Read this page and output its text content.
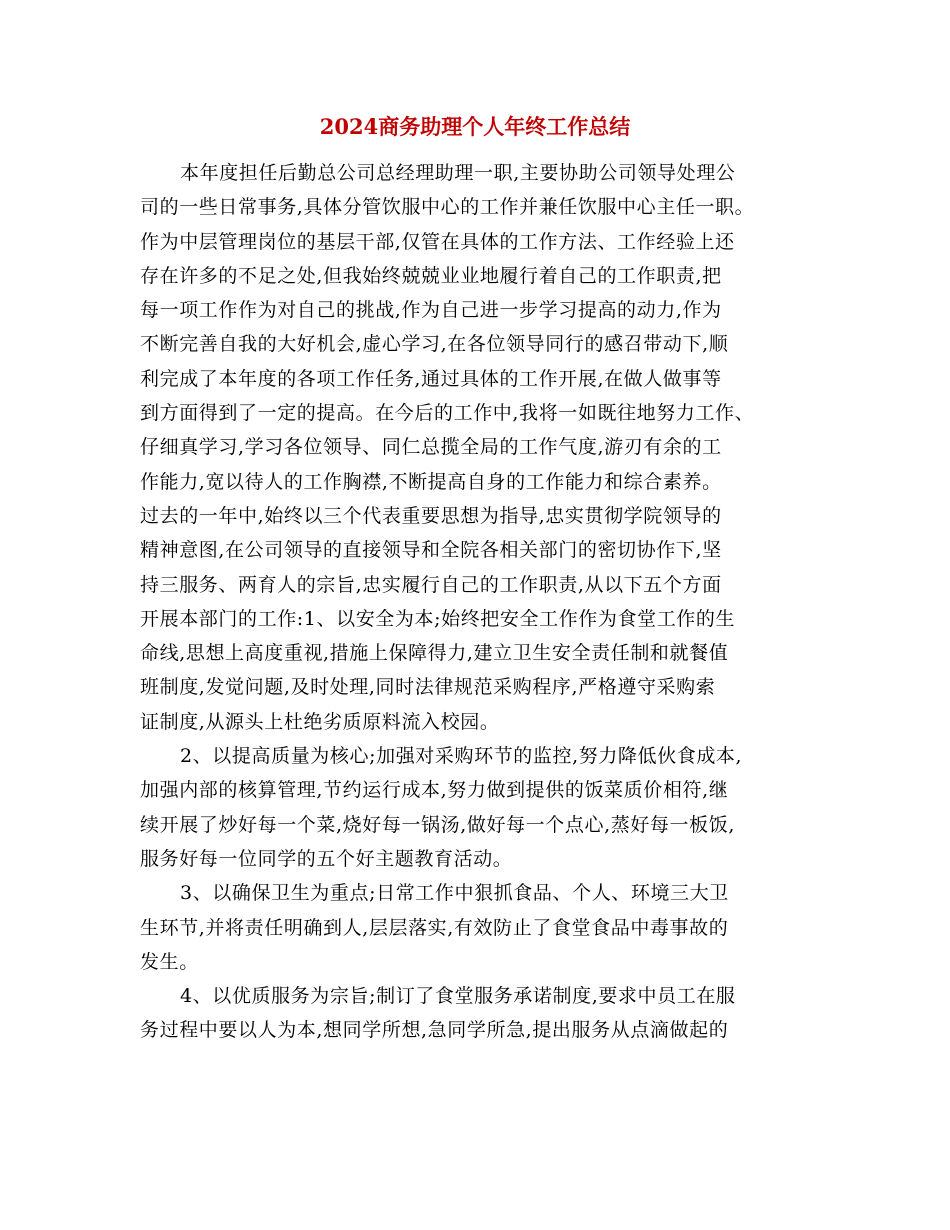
2024商务助理个人年终工作总结

本年度担任后勤总公司总经理助理一职,主要协助公司领导处理公

司的一些日常事务,具体分管饮服中心的工作并兼任饮服中心主任一职。

作为中层管理岗位的基层干部,仅管在具体的工作方法、工作经验上还

存在许多的不足之处,但我始终兢兢业业地履行着自己的工作职责,把

每一项工作作为对自己的挑战,作为自己进一步学习提高的动力,作为

不断完善自我的大好机会,虚心学习,在各位领导同行的感召带动下,顺

利完成了本年度的各项工作任务,通过具体的工作开展,在做人做事等

到方面得到了一定的提高。在今后的工作中,我将一如既往地努力工作、

仔细真学习,学习各位领导、同仁总揽全局的工作气度,游刃有余的工

作能力,宽以待人的工作胸襟,不断提高自身的工作能力和综合素养。

过去的一年中,始终以三个代表重要思想为指导,忠实贯彻学院领导的

精神意图,在公司领导的直接领导和全院各相关部门的密切协作下,坚

持三服务、两育人的宗旨,忠实履行自己的工作职责,从以下五个方面

开展本部门的工作:1、以安全为本;始终把安全工作作为食堂工作的生

命线,思想上高度重视,措施上保障得力,建立卫生安全责任制和就餐值

班制度,发觉问题,及时处理,同时法律规范采购程序,严格遵守采购索

证制度,从源头上杜绝劣质原料流入校园。

2、以提高质量为核心;加强对采购环节的监控,努力降低伙食成本,

加强内部的核算管理,节约运行成本,努力做到提供的饭菜质价相符,继

续开展了炒好每一个菜,烧好每一锅汤,做好每一个点心,蒸好每一板饭,

服务好每一位同学的五个好主题教育活动。

3、以确保卫生为重点;日常工作中狠抓食品、个人、环境三大卫

生环节,并将责任明确到人,层层落实,有效防止了食堂食品中毒事故的

发生。

4、以优质服务为宗旨;制订了食堂服务承诺制度,要求中员工在服

务过程中要以人为本,想同学所想,急同学所急,提出服务从点滴做起的
